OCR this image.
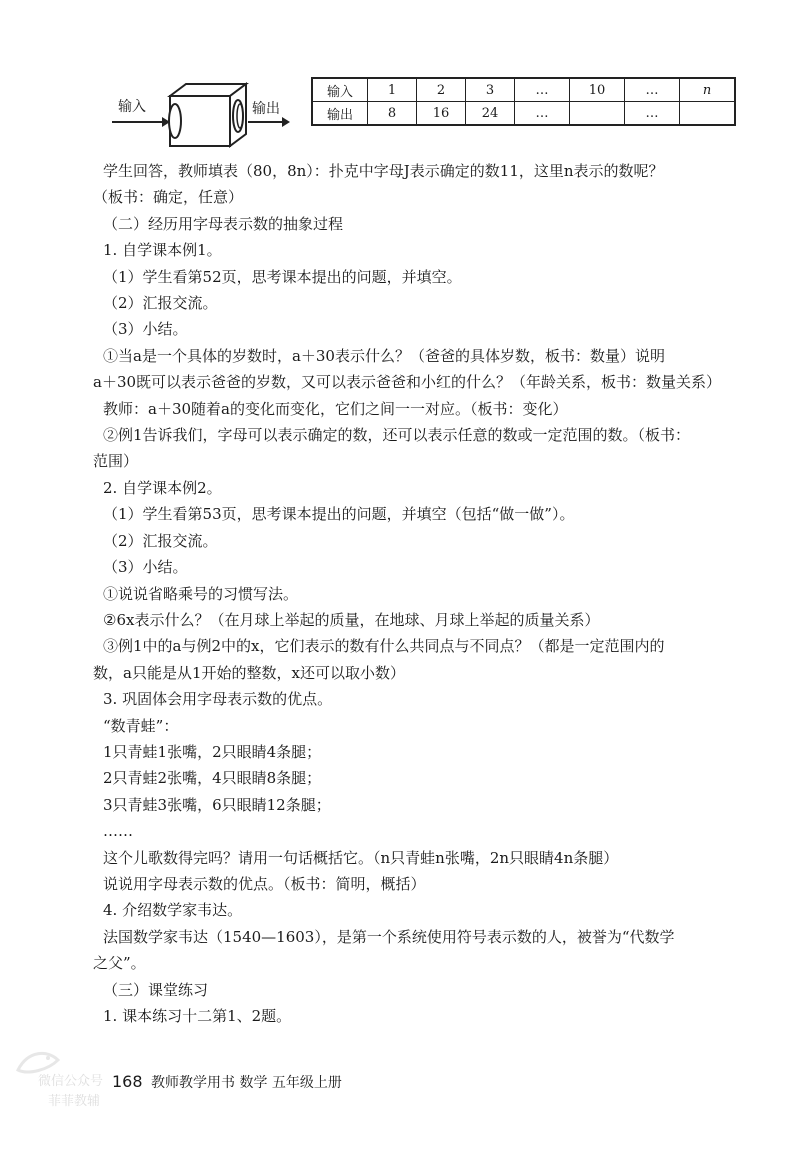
输入	输出
输入	1	2	3	…	10	…	n
输出	8	16	24	…		…	

学生回答，教师填表（80，8n）：扑克中字母J表示确定的数11，这里n表示的数呢？

（板书：确定，任意）

（二）经历用字母表示数的抽象过程

1. 自学课本例1。

（1）学生看第52页，思考课本提出的问题，并填空。

（2）汇报交流。

（3）小结。

①当a是一个具体的岁数时，a＋30表示什么？（爸爸的具体岁数，板书：数量）说明

a＋30既可以表示爸爸的岁数，又可以表示爸爸和小红的什么？（年龄关系，板书：数量关系）

教师：a＋30随着a的变化而变化，它们之间一一对应。（板书：变化）

②例1告诉我们，字母可以表示确定的数，还可以表示任意的数或一定范围的数。（板书：

范围）

2. 自学课本例2。

（1）学生看第53页，思考课本提出的问题，并填空（包括“做一做”）。

（2）汇报交流。

（3）小结。

①说说省略乘号的习惯写法。

②6x表示什么？（在月球上举起的质量，在地球、月球上举起的质量关系）

③例1中的a与例2中的x，它们表示的数有什么共同点与不同点？（都是一定范围内的

数，a只能是从1开始的整数，x还可以取小数）

3. 巩固体会用字母表示数的优点。

“数青蛙”：

1只青蛙1张嘴，2只眼睛4条腿；

2只青蛙2张嘴，4只眼睛8条腿；

3只青蛙3张嘴，6只眼睛12条腿；

……

这个儿歌数得完吗？请用一句话概括它。（n只青蛙n张嘴，2n只眼睛4n条腿）

说说用字母表示数的优点。（板书：简明，概括）

4. 介绍数学家韦达。

法国数学家韦达（1540—1603），是第一个系统使用符号表示数的人，被誉为“代数学

之父”。

（三）课堂练习

1. 课本练习十二第1、2题。

微信公众号
菲菲教辅
168 教师教学用书 数学 五年级上册
